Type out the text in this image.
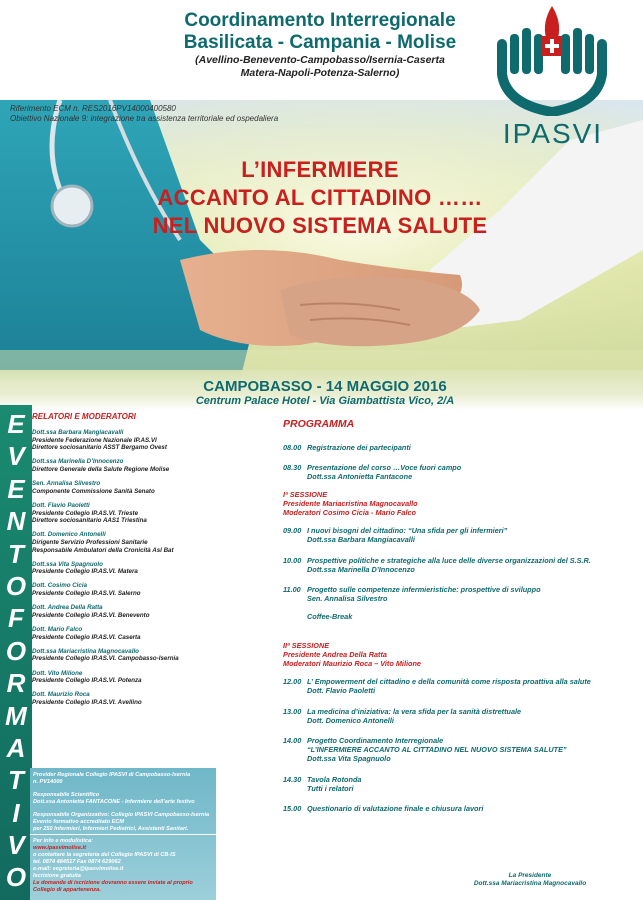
Coordinamento Interregionale
Basilicata - Campania - Molise
(Avellino-Benevento-Campobasso/Isernia-Caserta
Matera-Napoli-Potenza-Salerno)
IPASVI
Riferimento ECM n. RES2016PV14000400580
Obiettivo Nazionale 9: integrazione tra assistenza territoriale ed ospedaliera
L’INFERMIERE
ACCANTO AL CITTADINO ……
NEL NUOVO SISTEMA SALUTE
CAMPOBASSO - 14 MAGGIO 2016
Centrum Palace Hotel - Via Giambattista Vico, 2/A
E
V
E
N
T
O
F
O
R
M
A
T
I
V
O
RELATORI E MODERATORI
Dott.ssa Barbara Mangiacavalli
Presidente Federazione Nazionale IP.AS.VI
Direttore sociosanitario ASST Bergamo Ovest
Dott.ssa Marinella D’Innocenzo
Direttore Generale della Salute Regione Molise
Sen. Annalisa Silvestro
Componente Commissione Sanità Senato
Dott. Flavio Paoletti
Presidente Collegio IP.AS.VI. Trieste
Direttore sociosanitario AAS1 Triestina
Dott. Domenico Antonelli
Dirigente Servizio Professioni Sanitarie
Responsabile Ambulatori della Cronicità Asl Bat
Dott.ssa Vita Spagnuolo
Presidente Collegio IP.AS.VI. Matera
Dott. Cosimo Cicia
Presidente Collegio IP.AS.VI. Salerno
Dott. Andrea Della Ratta
Presidente Collegio IP.AS.VI. Benevento
Dott. Mario Falco
Presidente Collegio IP.AS.VI. Caserta
Dott.ssa Mariacristina Magnocavallo
Presidente Collegio IP.AS.VI. Campobasso-Isernia
Dott. Vito Milione
Presidente Collegio IP.AS.VI. Potenza
Dott. Maurizio Roca
Presidente Collegio IP.AS.VI. Avellino
Provider Regionale Collegio IPASVI di Campobasso-Isernia
n. PV14000
Responsabile Scientifico
Dott.ssa Antonietta FANTACONE - Infermiere dell’arte festivo
Responsabile Organizzativo: Collegio IPASVI Campobasso-Isernia
Evento formativo accreditato ECM
per 250 Infermieri, Infermieri Pediatrici, Assistenti Sanitari.
Per info e modulistica:
www.ipasvimolise.it
o contattare la segreteria del Collegio IPASVI di CB-IS
tel. 0874 484517 Fax 0874 629062
e-mail: segreteria@ipasvimolise.it
Iscrizione gratuita
Le domande di iscrizione dovranno essere inviate al proprio
Collegio di appartenenza.
PROGRAMMA
08.00 Registrazione dei partecipanti
08.30 Presentazione del corso …Voce fuori campo
Dott.ssa Antonietta Fantacone
Iª SESSIONE
Presidente Mariacristina Magnocavallo
Moderatori Cosimo Cicia - Mario Falco
09.00 I nuovi bisogni del cittadino: “Una sfida per gli infermieri”
Dott.ssa Barbara Mangiacavalli
10.00 Prospettive politiche e strategiche alla luce delle diverse organizzazioni del S.S.R.
Dott.ssa Marinella D’Innocenzo
11.00 Progetto sulle competenze infermieristiche: prospettive di sviluppo
Sen. Annalisa Silvestro
Coffee-Break
IIª SESSIONE
Presidente Andrea Della Ratta
Moderatori Maurizio Roca – Vito Milione
12.00 L’ Empowerment del cittadino e della comunità come risposta proattiva alla salute
Dott. Flavio Paoletti
13.00 La medicina d’iniziativa: la vera sfida per la sanità distrettuale
Dott. Domenico Antonelli
14.00 Progetto Coordinamento Interregionale
“L’INFERMIERE ACCANTO AL CITTADINO NEL NUOVO SISTEMA SALUTE”
Dott.ssa Vita Spagnuolo
14.30 Tavola Rotonda
Tutti i relatori
15.00 Questionario di valutazione finale e chiusura lavori
La Presidente
Dott.ssa Mariacristina Magnocavallo
